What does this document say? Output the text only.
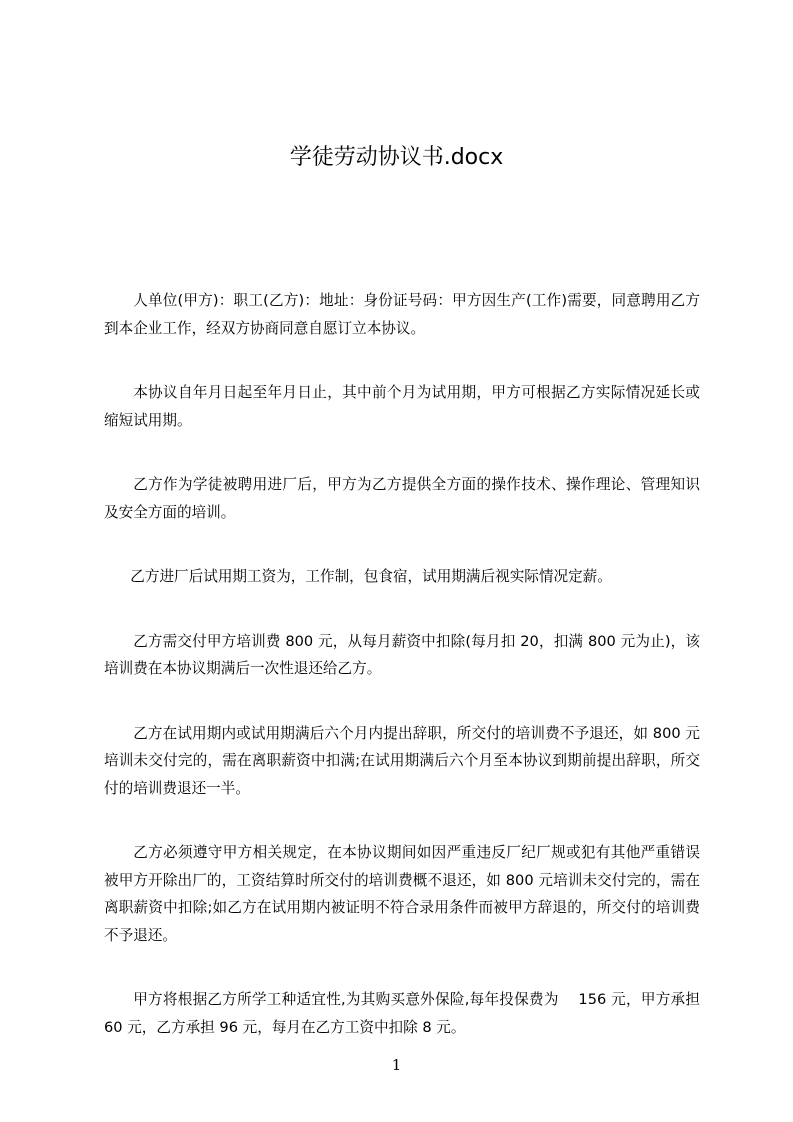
学徒劳动协议书.docx

人单位(甲方)：职工(乙方)：地址：身份证号码：甲方因生产(工作)需要，同意聘用乙方到本企业工作，经双方协商同意自愿订立本协议。

本协议自年月日起至年月日止，其中前个月为试用期，甲方可根据乙方实际情况延长或缩短试用期。

乙方作为学徒被聘用进厂后，甲方为乙方提供全方面的操作技术、操作理论、管理知识及安全方面的培训。

乙方进厂后试用期工资为，工作制，包食宿，试用期满后视实际情况定薪。

乙方需交付甲方培训费 800 元，从每月薪资中扣除(每月扣 20，扣满 800 元为止)，该培训费在本协议期满后一次性退还给乙方。

乙方在试用期内或试用期满后六个月内提出辞职，所交付的培训费不予退还，如 800 元培训未交付完的，需在离职薪资中扣满;在试用期满后六个月至本协议到期前提出辞职，所交付的培训费退还一半。

乙方必须遵守甲方相关规定，在本协议期间如因严重违反厂纪厂规或犯有其他严重错误被甲方开除出厂的，工资结算时所交付的培训费概不退还，如 800 元培训未交付完的，需在离职薪资中扣除;如乙方在试用期内被证明不符合录用条件而被甲方辞退的，所交付的培训费不予退还。

甲方将根据乙方所学工种适宜性,为其购买意外保险,每年投保费为　 156 元，甲方承担 60 元，乙方承担 96 元，每月在乙方工资中扣除 8 元。

1
